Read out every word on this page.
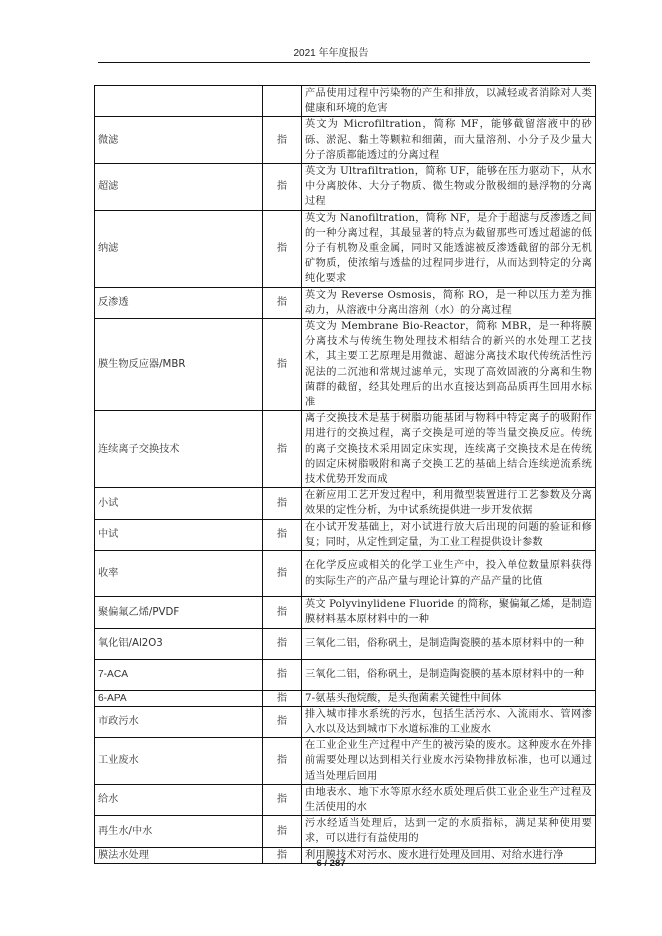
2021 年年度报告
		产品使用过程中污染物的产生和排放，以减轻或者消除对人类健康和环境的危害
微滤	指	英文为 Microfiltration，简称 MF，能够截留溶液中的砂砾、淤泥、黏土等颗粒和细菌，而大量溶剂、小分子及少量大分子溶质都能透过的分离过程
超滤	指	英文为 Ultrafiltration，简称 UF，能够在压力驱动下，从水中分离胶体、大分子物质、微生物或分散极细的悬浮物的分离过程
纳滤	指	英文为 Nanofiltration，简称 NF，是介于超滤与反渗透之间的一种分离过程，其最显著的特点为截留那些可透过超滤的低分子有机物及重金属，同时又能透滤被反渗透截留的部分无机矿物质，使浓缩与透盐的过程同步进行，从而达到特定的分离纯化要求
反渗透	指	英文为 Reverse Osmosis，简称 RO，是一种以压力差为推动力，从溶液中分离出溶剂（水）的分离过程
膜生物反应器/MBR	指	英文为 Membrane Bio-Reactor，简称 MBR，是一种将膜分离技术与传统生物处理技术相结合的新兴的水处理工艺技术，其主要工艺原理是用微滤、超滤分离技术取代传统活性污泥法的二沉池和常规过滤单元，实现了高效固液的分离和生物菌群的截留，经其处理后的出水直接达到高品质再生回用水标准
连续离子交换技术	指	离子交换技术是基于树脂功能基团与物料中特定离子的吸附作用进行的交换过程，离子交换是可逆的等当量交换反应。传统的离子交换技术采用固定床实现，连续离子交换技术是在传统的固定床树脂吸附和离子交换工艺的基础上结合连续逆流系统技术优势开发而成
小试	指	在新应用工艺开发过程中，利用微型装置进行工艺参数及分离效果的定性分析，为中试系统提供进一步开发依据
中试	指	在小试开发基础上，对小试进行放大后出现的问题的验证和修复；同时，从定性到定量，为工业工程提供设计参数
收率	指	在化学反应或相关的化学工业生产中，投入单位数量原料获得的实际生产的产品产量与理论计算的产品产量的比值
聚偏氟乙烯/PVDF	指	英文 Polyvinylidene Fluoride 的简称，聚偏氟乙烯，是制造膜材料基本原材料中的一种
氧化铝/Al2O3	指	三氧化二铝，俗称矾土，是制造陶瓷膜的基本原材料中的一种
7-ACA	指	三氧化二铝，俗称矾土，是制造陶瓷膜的基本原材料中的一种
6-APA	指	7-氨基头孢烷酸，是头孢菌素关键性中间体
市政污水	指	排入城市排水系统的污水，包括生活污水、入流雨水、管网渗入水以及达到城市下水道标准的工业废水
工业废水	指	在工业企业生产过程中产生的被污染的废水。这种废水在外排前需要处理以达到相关行业废水污染物排放标准，也可以通过适当处理后回用
给水	指	由地表水、地下水等原水经水质处理后供工业企业生产过程及生活使用的水
再生水/中水	指	污水经适当处理后，达到一定的水质指标，满足某种使用要求，可以进行有益使用的
膜法水处理	指	利用膜技术对污水、废水进行处理及回用、对给水进行净
6 / 287
